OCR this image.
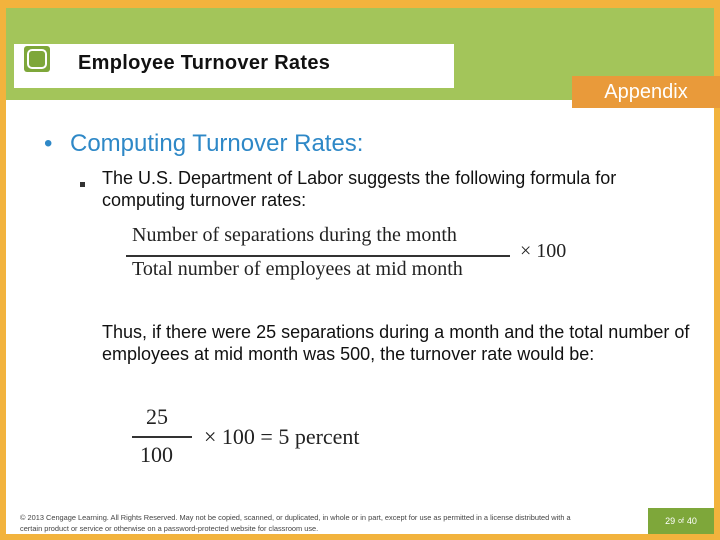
Employee Turnover Rates
Appendix
• Computing Turnover Rates:
The U.S. Department of Labor suggests the following formula for computing turnover rates:
Number of separations during the month
Total number of employees at mid month
× 100
Thus, if there were 25 separations during a month and the total number of employees at mid month was 500, the turnover rate would be:
25
100
× 100 = 5 percent
© 2013 Cengage Learning. All Rights Reserved. May not be copied, scanned, or duplicated, in whole or in part, except for use as permitted in a license distributed with a certain product or service or otherwise on a password-protected website for classroom use.
29 of 40
